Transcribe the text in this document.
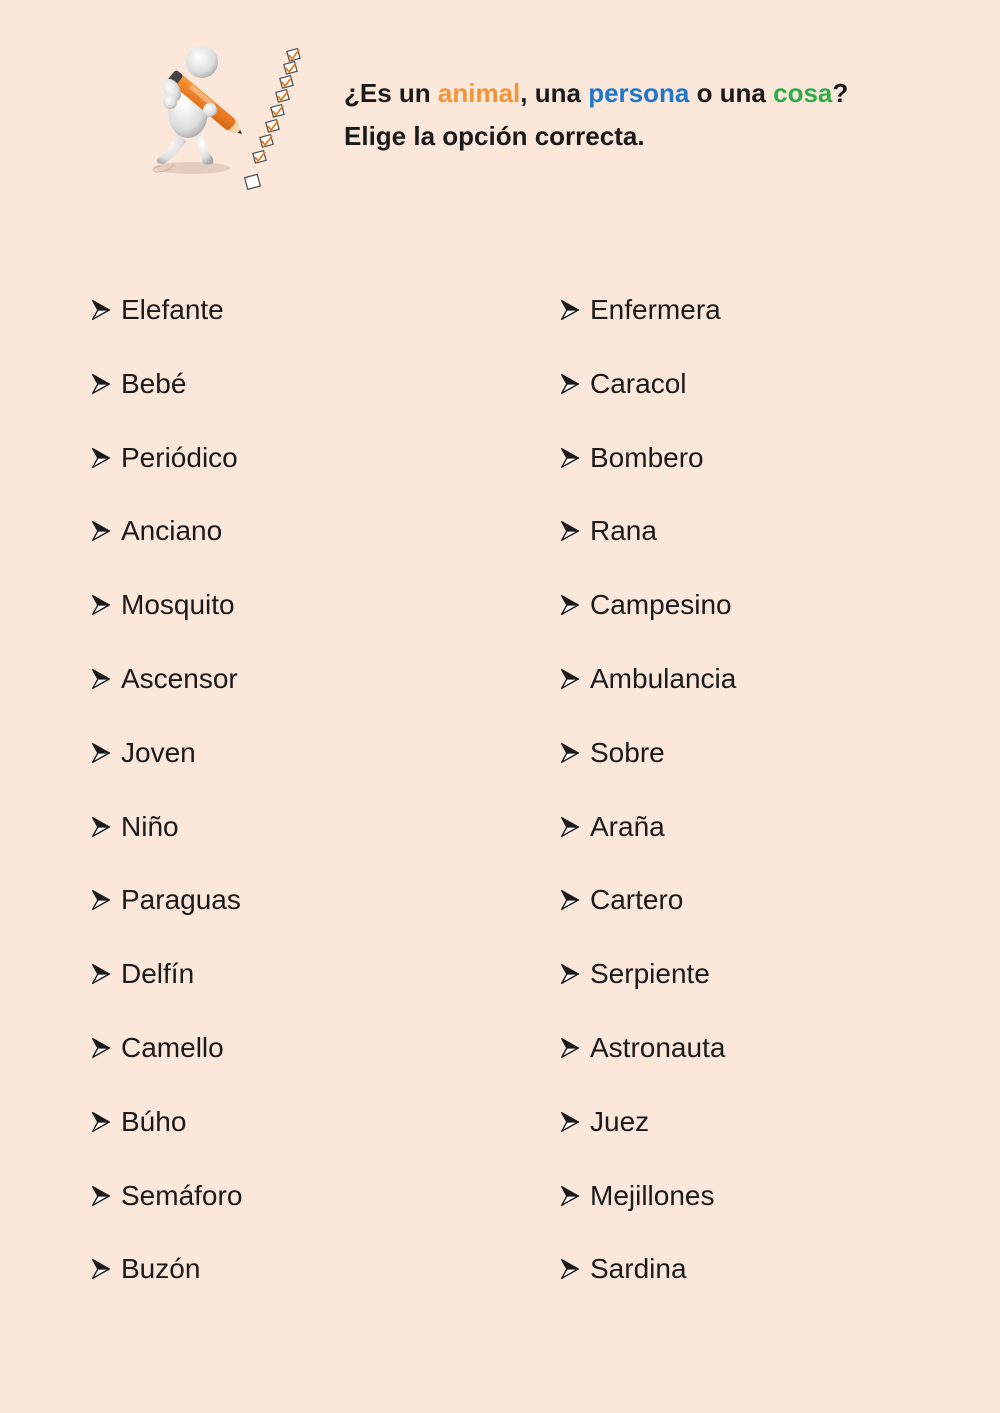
¿Es un animal, una persona o una cosa?
Elige la opción correcta.
Elefante
Bebé
Periódico
Anciano
Mosquito
Ascensor
Joven
Niño
Paraguas
Delfín
Camello
Búho
Semáforo
Buzón
Enfermera
Caracol
Bombero
Rana
Campesino
Ambulancia
Sobre
Araña
Cartero
Serpiente
Astronauta
Juez
Mejillones
Sardina
